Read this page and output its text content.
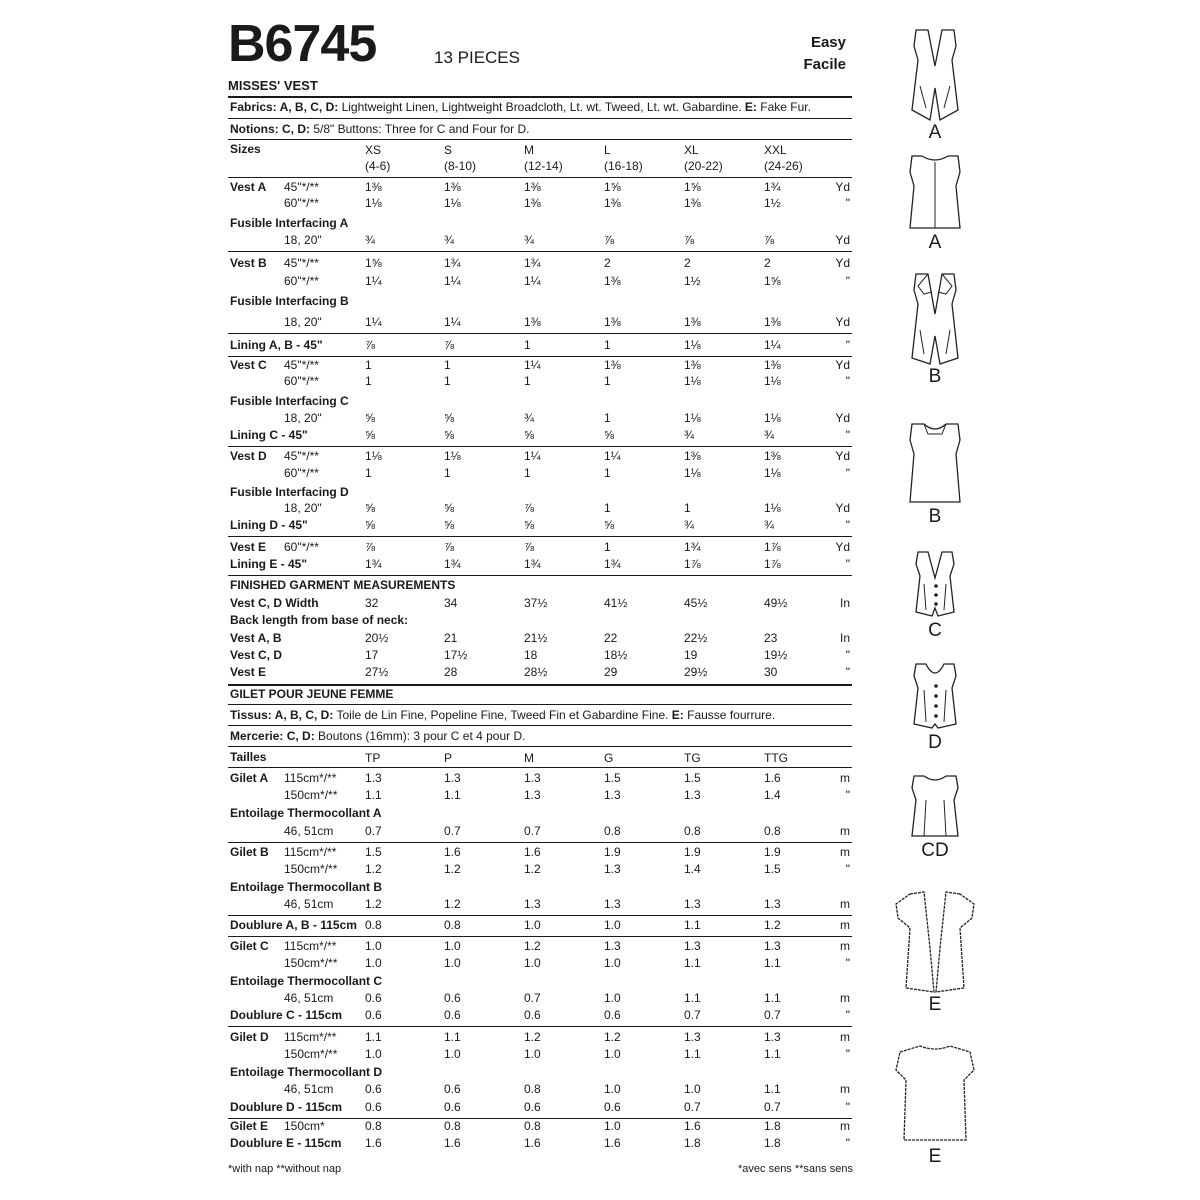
B6745	13 PIECES
Easy
Facile
MISSES' VEST
Fabrics: A, B, C, D: Lightweight Linen, Lightweight Broadcloth, Lt. wt. Tweed, Lt. wt. Gabardine. E: Fake Fur.
Notions: C, D: 5/8" Buttons: Three for C and Four for D.
Sizes	XS	S	M	L	XL	XXL
(4-6)	(8-10)	(12-14)	(16-18)	(20-22)	(24-26)
Vest A 45"*/**	1⅜	1⅜	1⅜	1⅝	1⅝	1¾	Yd
60"*/**	1⅛	1⅛	1⅜	1⅜	1⅜	1½	"
Fusible Interfacing A
18, 20"	¾	¾	¾	⅞	⅞	⅞	Yd
Vest B 45"*/**	1⅝	1¾	1¾	2	2	2	Yd
60"*/**	1¼	1¼	1¼	1⅜	1½	1⅝	"
Fusible Interfacing B
18, 20"	1¼	1¼	1⅜	1⅜	1⅜	1⅜	Yd
Lining A, B - 45"	⅞	⅞	1	1	1⅛	1¼	"
Vest C 45"*/**	1	1	1¼	1⅜	1⅜	1⅜	Yd
60"*/**	1	1	1	1	1⅛	1⅛	"
Fusible Interfacing C
18, 20"	⅝	⅝	¾	1	1⅛	1⅛	Yd
Lining C - 45"	⅝	⅝	⅝	⅝	¾	¾	"
Vest D 45"*/**	1⅛	1⅛	1¼	1¼	1⅜	1⅜	Yd
60"*/**	1	1	1	1	1⅛	1⅛	"
Fusible Interfacing D
18, 20"	⅝	⅝	⅞	1	1	1⅛	Yd
Lining D - 45"	⅝	⅝	⅝	⅝	¾	¾	"
Vest E 60"*/**	⅞	⅞	⅞	1	1¾	1⅞	Yd
Lining E - 45"	1¾	1¾	1¾	1¾	1⅞	1⅞	"
FINISHED GARMENT MEASUREMENTS
Vest C, D Width	32	34	37½	41½	45½	49½	In
Back length from base of neck:
Vest A, B	20½	21	21½	22	22½	23	In
Vest C, D	17	17½	18	18½	19	19½	"
Vest E	27½	28	28½	29	29½	30	"
GILET POUR JEUNE FEMME
Tissus: A, B, C, D: Toile de Lin Fine, Popeline Fine, Tweed Fin et Gabardine Fine. E: Fausse fourrure.
Mercerie: C, D: Boutons (16mm): 3 pour C et 4 pour D.
Tailles	TP	P	M	G	TG	TTG
Gilet A 115cm*/** 1.3	1.3	1.3	1.5	1.5	1.6	m
150cm*/** 1.1	1.1	1.3	1.3	1.3	1.4	"
Entoilage Thermocollant A
46, 51cm	0.7	0.7	0.7	0.8	0.8	0.8	m
Gilet B 115cm*/** 1.5	1.6	1.6	1.9	1.9	1.9	m
150cm*/** 1.2	1.2	1.2	1.3	1.4	1.5	"
Entoilage Thermocollant B
46, 51cm	1.2	1.2	1.3	1.3	1.3	1.3	m
Doublure A, B - 115cm 0.8	0.8	1.0	1.0	1.1	1.2	m
Gilet C 115cm*/** 1.0	1.0	1.2	1.3	1.3	1.3	m
150cm*/** 1.0	1.0	1.0	1.0	1.1	1.1	"
Entoilage Thermocollant C
46, 51cm	0.6	0.6	0.7	1.0	1.1	1.1	m
Doublure C - 115cm 0.6	0.6	0.6	0.6	0.7	0.7	"
Gilet D 115cm*/** 1.1	1.1	1.2	1.2	1.3	1.3	m
150cm*/** 1.0	1.0	1.0	1.0	1.1	1.1	"
Entoilage Thermocollant D
46, 51cm	0.6	0.6	0.8	1.0	1.0	1.1	m
Doublure D - 115cm 0.6	0.6	0.6	0.6	0.7	0.7	"
Gilet E 150cm*	0.8	0.8	0.8	1.0	1.6	1.8	m
Doublure E - 115cm 1.6	1.6	1.6	1.6	1.8	1.8	"
*with nap **without nap	*avec sens **sans sens
A
A
B
B
C
D
CD
E
E
